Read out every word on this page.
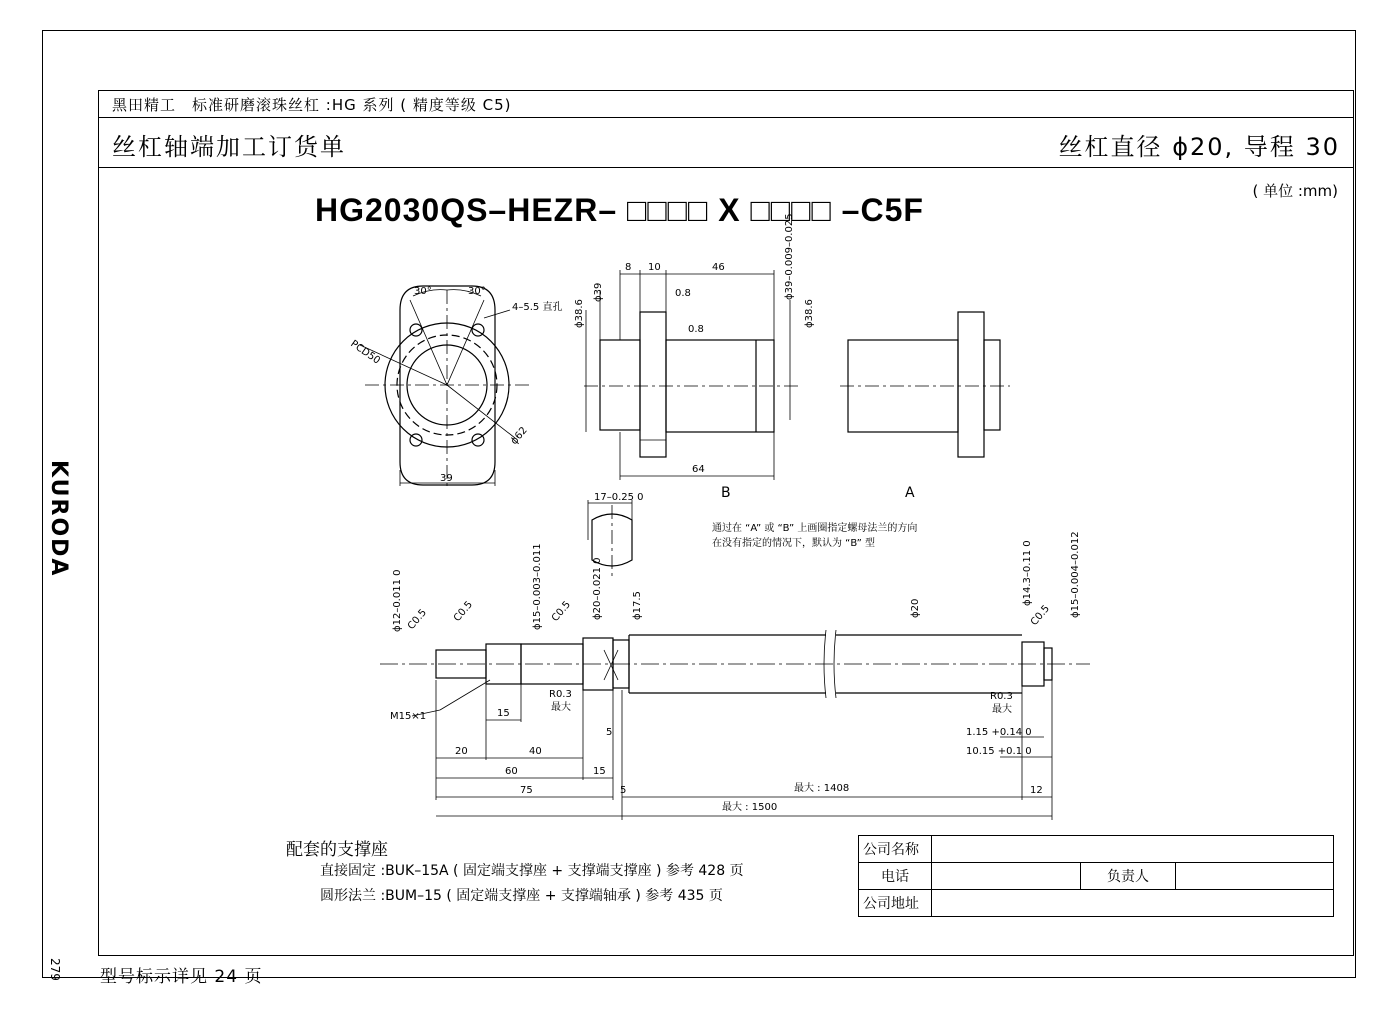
黑田精工　标准研磨滚珠丝杠 :HG 系列 ( 精度等级 C5)
丝杠轴端加工订货单	丝杠直径 ϕ20, 导程 30
( 单位 :mm)
HG2030QS–HEZR– □□□□ X □□□□ –C5F
KURODA
279 型号标示详见 24 页
B	A
通过在 “A” 或 “B” 上画圈指定螺母法兰的方向
在没有指定的情况下，默认为 “B” 型
配套的支撑座
直接固定 :BUK–15A ( 固定端支撑座 + 支撑端支撑座 ) 参考 428 页
圆形法兰 :BUM–15 ( 固定端支撑座 + 支撑端轴承 ) 参考 435 页
公司名称			
电话		负责人	
公司地址			
30°	30°
4–5.5 直孔
PCD50
ϕ62
39
8 10	46
64
ϕ39
ϕ38.6	ϕ38.6
ϕ39–0.009–0.025
0.8
0.8
17–0.25 0
ϕ12–0.011 0 C0.5 C0.5	C0.5
ϕ15–0.003–0.011	ϕ20–0.021 0	ϕ17.5	ϕ20
ϕ14.3–0.11 0
C0.5 ϕ15–0.004–0.012
R0.3
最大
R0.3
最大
M15×1	15
20	40
60	15
5
5
75	最大 : 1408
最大 : 1500
12
1.15 +0.14 0
10.15 +0.1 0
